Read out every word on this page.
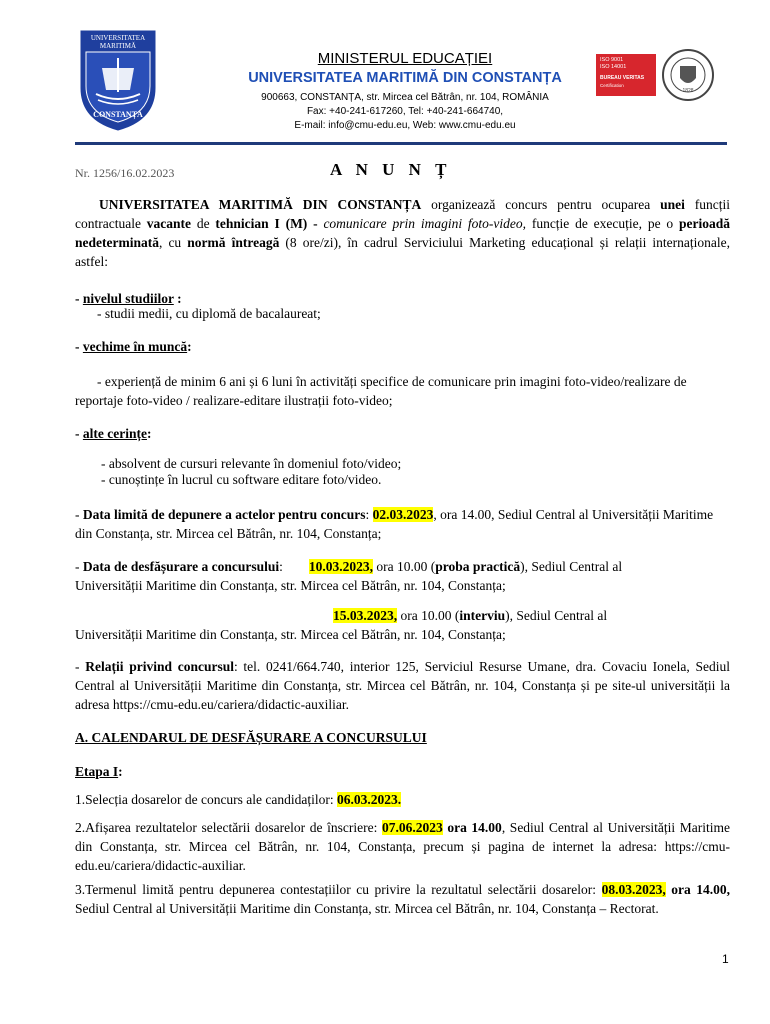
UNIVERSITATEA MARITIMĂ
CONSTANȚA
MINISTERUL EDUCAȚIEI
UNIVERSITATEA MARITIMĂ DIN CONSTANȚA
900663, CONSTANȚA, str. Mircea cel Bătrân, nr. 104, ROMÂNIA
Fax: +40-241-617260, Tel: +40-241-664740,
E-mail: info@cmu-edu.eu, Web: www.cmu-edu.eu
ISO 9001
ISO 14001
BUREAU VERITAS
Certification
1828
Nr. 1256/16.02.2023	A N U N Ț
UNIVERSITATEA MARITIMĂ DIN CONSTANȚA organizează concurs pentru ocuparea unei funcții contractuale vacante de tehnician I (M) - comunicare prin imagini foto-video, funcție de execuție, pe o perioadă nedeterminată, cu normă întreagă (8 ore/zi), în cadrul Serviciului Marketing educațional și relații internaționale, astfel:
- nivelul studiilor :
- studii medii, cu diplomă de bacalaureat;
- vechime în muncă:
- experiență de minim 6 ani și 6 luni în activități specifice de comunicare prin imagini foto-video/realizare de reportaje foto-video / realizare-editare ilustrații foto-video;
- alte cerințe:
- absolvent de cursuri relevante în domeniul foto/video;
- cunoștințe în lucrul cu software editare foto/video.
- Data limită de depunere a actelor pentru concurs: 02.03.2023, ora 14.00, Sediul Central al Universității Maritime din Constanța, str. Mircea cel Bătrân, nr. 104, Constanța;
- Data de desfășurare a concursului: 10.03.2023, ora 10.00 (proba practică), Sediul Central al
Universității Maritime din Constanța, str. Mircea cel Bătrân, nr. 104, Constanța;
15.03.2023, ora 10.00 (interviu), Sediul Central al
Universității Maritime din Constanța, str. Mircea cel Bătrân, nr. 104, Constanța;
- Relații privind concursul: tel. 0241/664.740, interior 125, Serviciul Resurse Umane, dra. Covaciu Ionela, Sediul Central al Universității Maritime din Constanța, str. Mircea cel Bătrân, nr. 104, Constanța și pe site-ul universității la adresa https://cmu-edu.eu/cariera/didactic-auxiliar.
A. CALENDARUL DE DESFĂȘURARE A CONCURSULUI
Etapa I:
1.Selecția dosarelor de concurs ale candidaților: 06.03.2023.
2.Afișarea rezultatelor selectării dosarelor de înscriere: 07.06.2023 ora 14.00, Sediul Central al Universității Maritime din Constanța, str. Mircea cel Bătrân, nr. 104, Constanța, precum și pagina de internet la adresa: https://cmu-edu.eu/cariera/didactic-auxiliar.
3.Termenul limită pentru depunerea contestațiilor cu privire la rezultatul selectării dosarelor: 08.03.2023, ora 14.00, Sediul Central al Universității Maritime din Constanța, str. Mircea cel Bătrân, nr. 104, Constanța – Rectorat.
1
